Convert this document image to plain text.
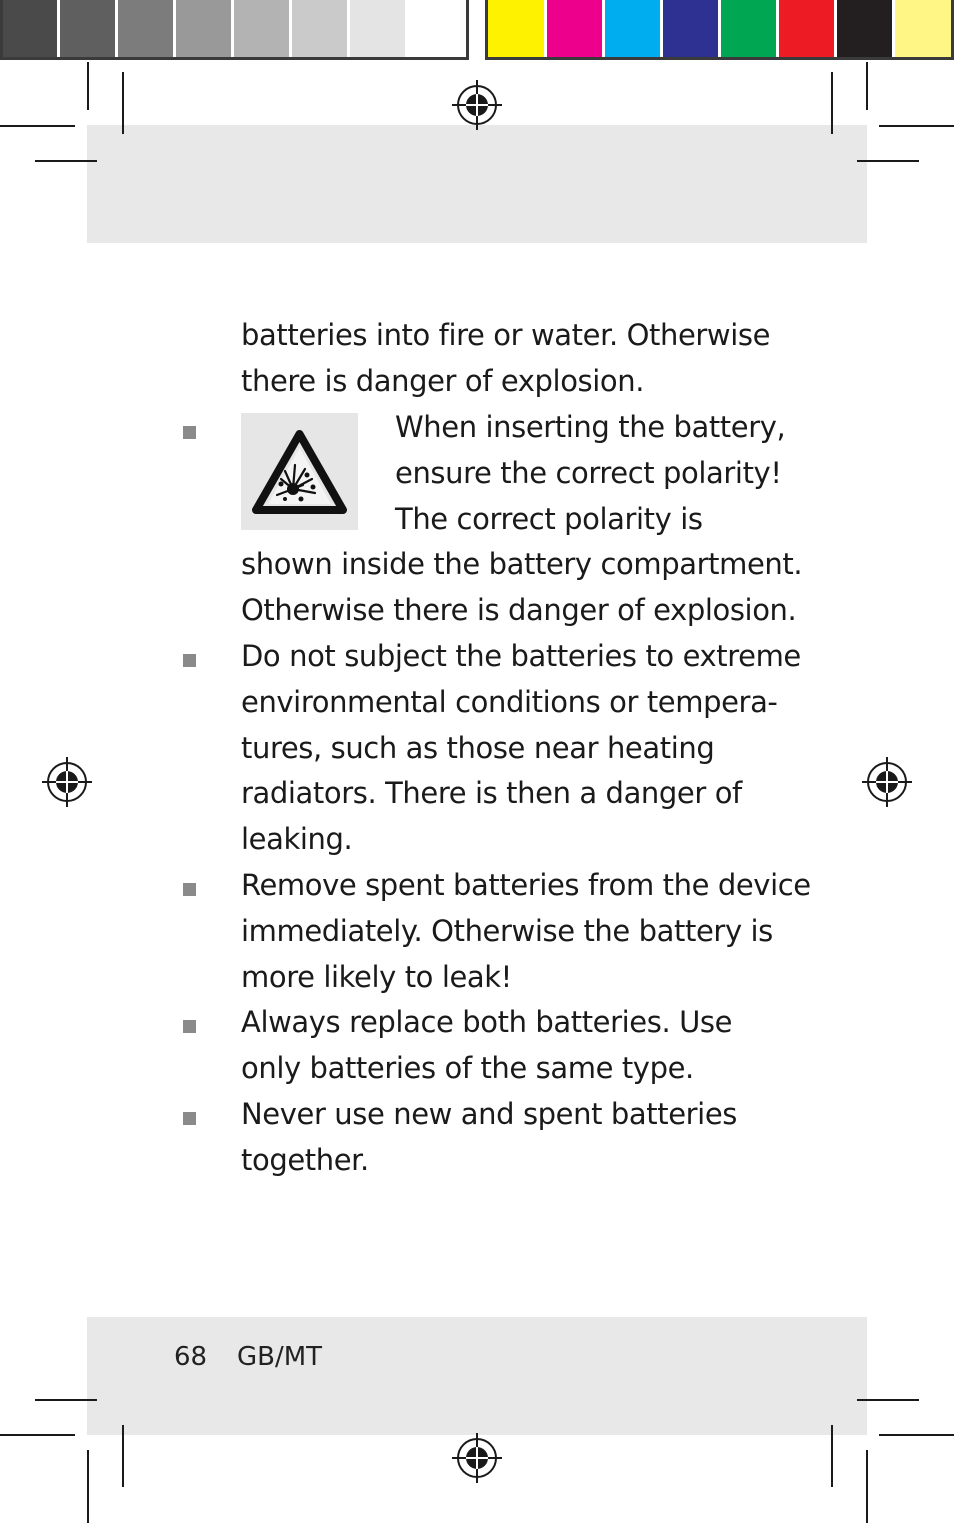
batteries into fire or water. Otherwise
there is danger of explosion.
When inserting the battery,
ensure the correct polarity!
The correct polarity is
shown inside the battery compartment.
Otherwise there is danger of explosion.
Do not subject the batteries to extreme
environmental conditions or tempera-
tures, such as those near heating
radiators. There is then a danger of
leaking.
Remove spent batteries from the device
immediately. Otherwise the battery is
more likely to leak!
Always replace both batteries. Use
only batteries of the same type.
Never use new and spent batteries
together.
68 GB/MT
